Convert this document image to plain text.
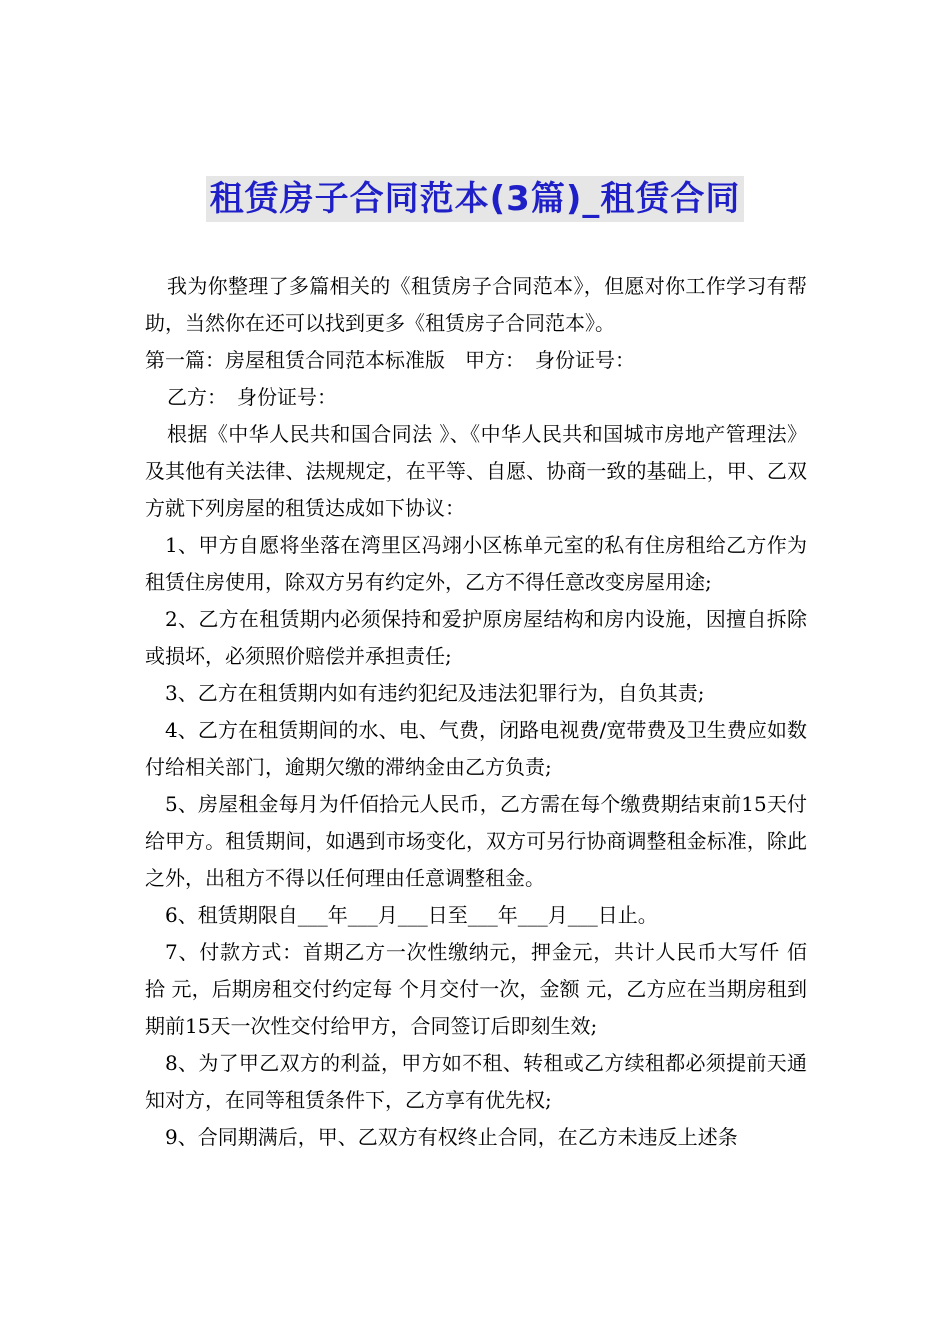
租赁房子合同范本(3篇)_租赁合同

我为你整理了多篇相关的《租赁房子合同范本》，但愿对你工作学习有帮助，当然你在还可以找到更多《租赁房子合同范本》。

第一篇：房屋租赁合同范本标准版　甲方：　身份证号：

乙方：　身份证号：

根据《中华人民共和国合同法 》、《中华人民共和国城市房地产管理法》及其他有关法律、法规规定，在平等、自愿、协商一致的基础上，甲、乙双方就下列房屋的租赁达成如下协议：

1、甲方自愿将坐落在湾里区冯翊小区栋单元室的私有住房租给乙方作为 租赁住房使用，除双方另有约定外，乙方不得任意改变房屋用途;

2、乙方在租赁期内必须保持和爱护原房屋结构和房内设施，因擅自拆除或损坏，必须照价赔偿并承担责任;

3、乙方在租赁期内如有违约犯纪及违法犯罪行为，自负其责;

4、乙方在租赁期间的水、电、气费，闭路电视费/宽带费及卫生费应如数付给相关部门，逾期欠缴的滞纳金由乙方负责;

5、房屋租金每月为仟佰拾元人民币，乙方需在每个缴费期结束前15天付给甲方。租赁期间，如遇到市场变化，双方可另行协商调整租金标准，除此之外，出租方不得以任何理由任意调整租金。

6、租赁期限自___年___月___日至___年___月___日止。

7、付款方式：首期乙方一次性缴纳元，押金元，共计人民币大写仟 佰 拾 元，后期房租交付约定每 个月交付一次，金额 元，乙方应在当期房租到期前15天一次性交付给甲方，合同签订后即刻生效;

8、为了甲乙双方的利益，甲方如不租、转租或乙方续租都必须提前天通知对方，在同等租赁条件下，乙方享有优先权;

9、合同期满后，甲、乙双方有权终止合同，在乙方未违反上述条
